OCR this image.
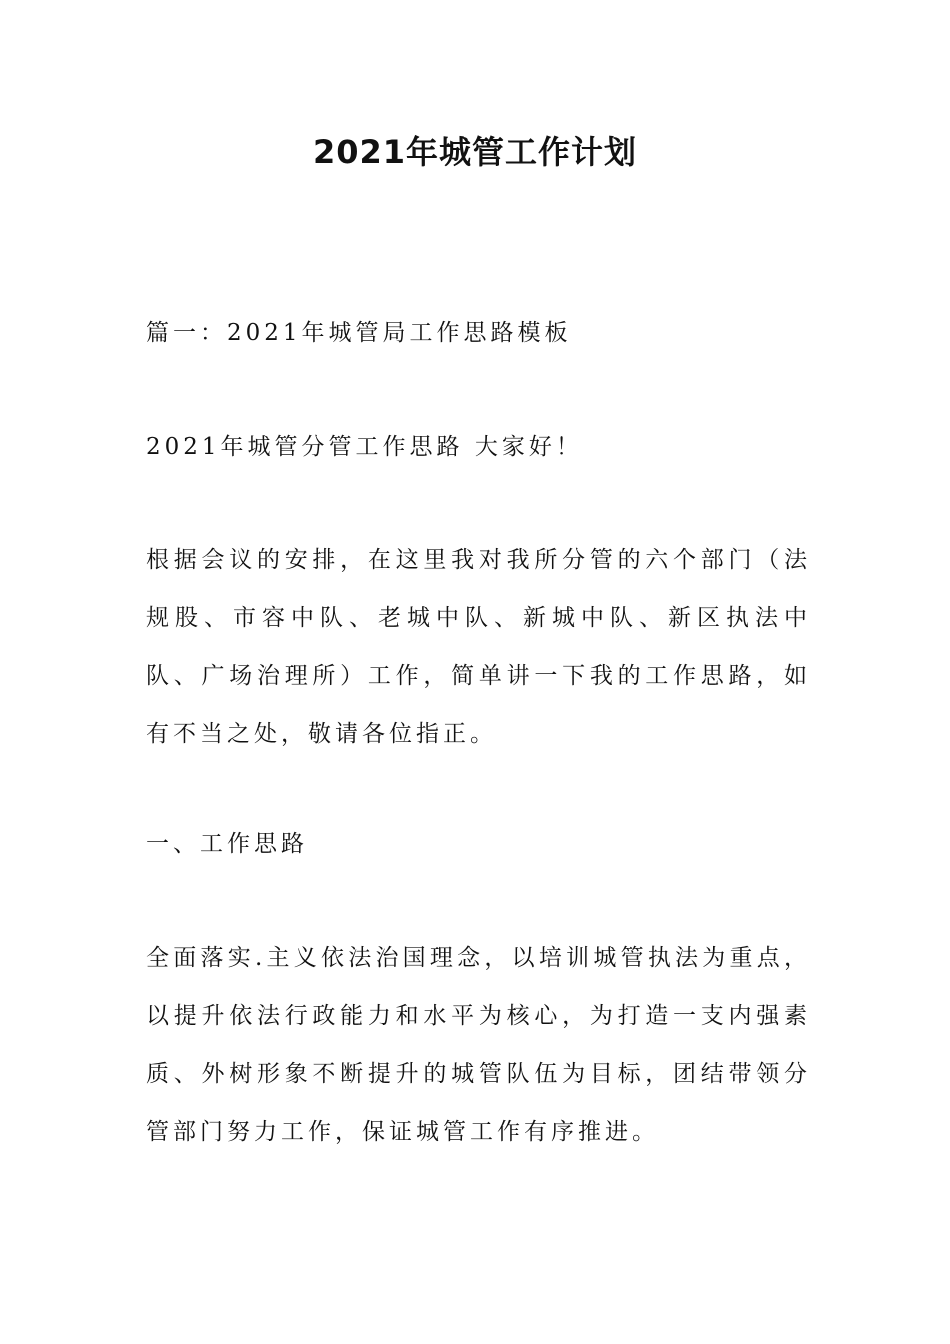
2021年城管工作计划

篇一：2021年城管局工作思路模板

2021年城管分管工作思路 大家好！

根据会议的安排，在这里我对我所分管的六个部门（法规股、市容中队、老城中队、新城中队、新区执法中队、广场治理所）工作，简单讲一下我的工作思路，如有不当之处，敬请各位指正。

一、工作思路

全面落实.主义依法治国理念，以培训城管执法为重点，以提升依法行政能力和水平为核心，为打造一支内强素质、外树形象不断提升的城管队伍为目标，团结带领分管部门努力工作，保证城管工作有序推进。
